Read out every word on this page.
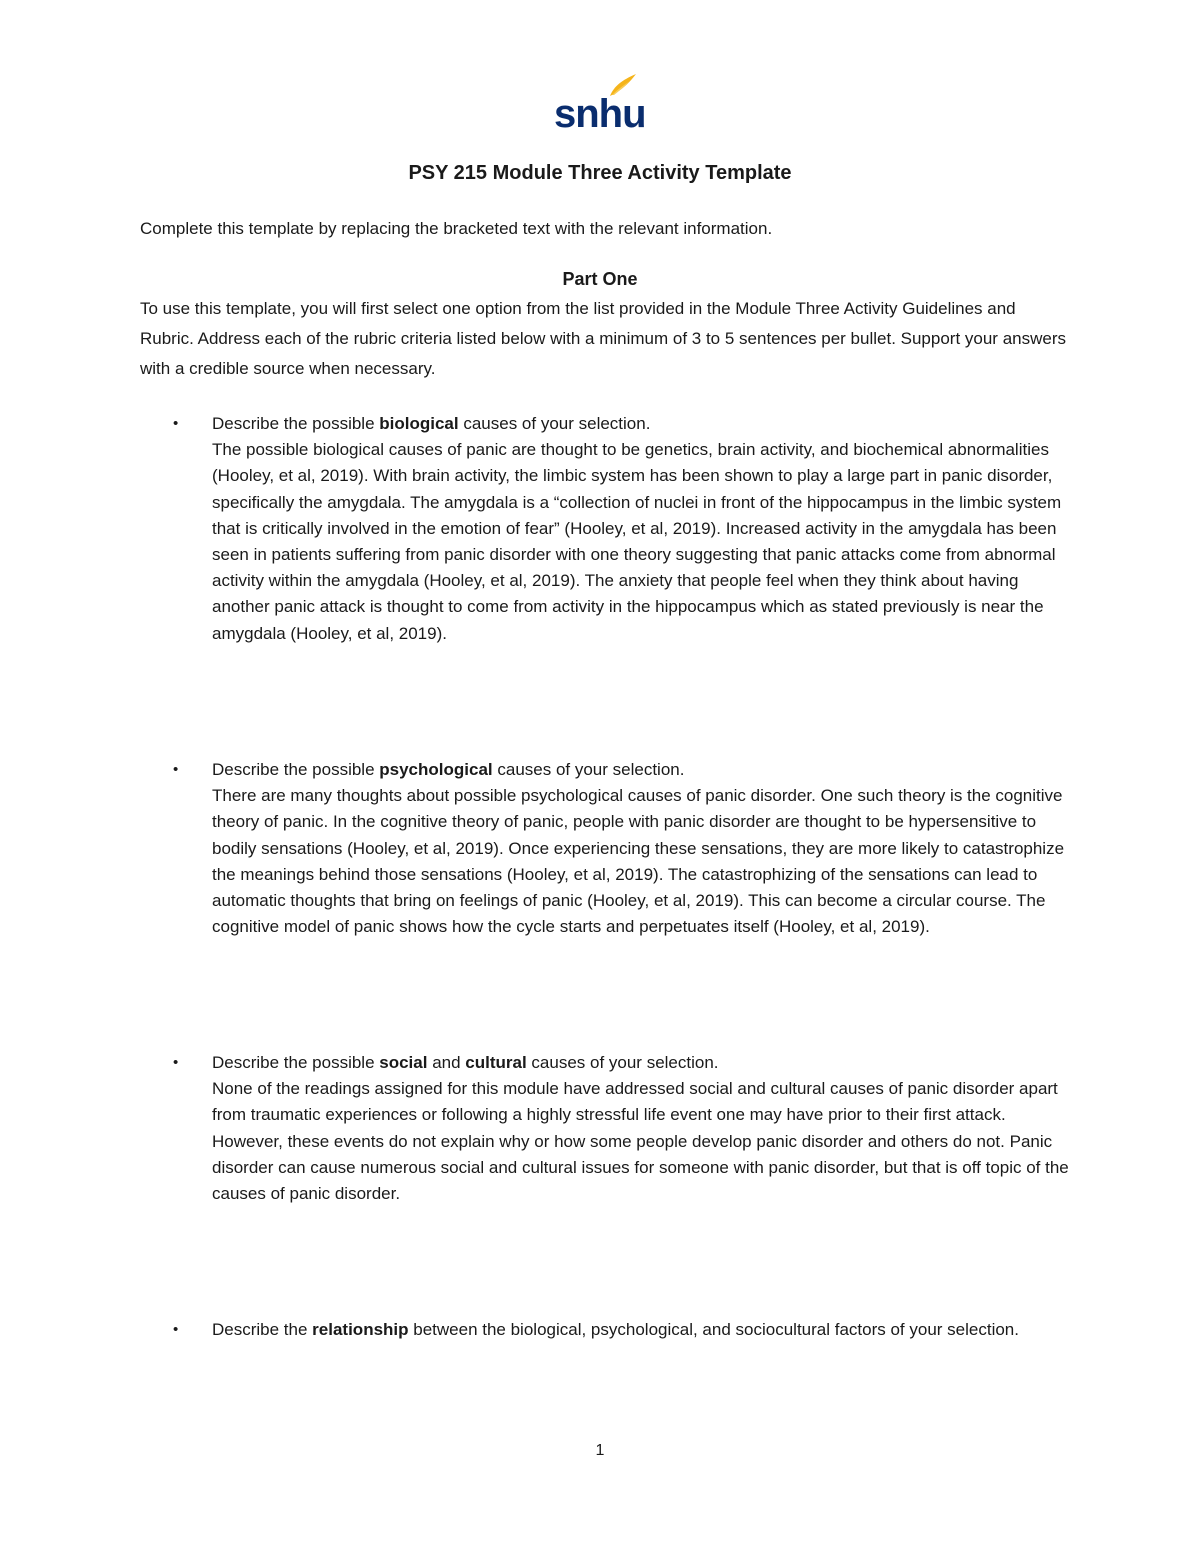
snhu
PSY 215 Module Three Activity Template
Complete this template by replacing the bracketed text with the relevant information.
Part One
To use this template, you will first select one option from the list provided in the Module Three Activity Guidelines and Rubric. Address each of the rubric criteria listed below with a minimum of 3 to 5 sentences per bullet. Support your answers with a credible source when necessary.
• Describe the possible biological causes of your selection.
The possible biological causes of panic are thought to be genetics, brain activity, and biochemical abnormalities (Hooley, et al, 2019). With brain activity, the limbic system has been shown to play a large part in panic disorder, specifically the amygdala. The amygdala is a “collection of nuclei in front of the hippocampus in the limbic system that is critically involved in the emotion of fear” (Hooley, et al, 2019). Increased activity in the amygdala has been seen in patients suffering from panic disorder with one theory suggesting that panic attacks come from abnormal activity within the amygdala (Hooley, et al, 2019). The anxiety that people feel when they think about having another panic attack is thought to come from activity in the hippocampus which as stated previously is near the amygdala (Hooley, et al, 2019).
• Describe the possible psychological causes of your selection.
There are many thoughts about possible psychological causes of panic disorder. One such theory is the cognitive theory of panic. In the cognitive theory of panic, people with panic disorder are thought to be hypersensitive to bodily sensations (Hooley, et al, 2019). Once experiencing these sensations, they are more likely to catastrophize the meanings behind those sensations (Hooley, et al, 2019). The catastrophizing of the sensations can lead to automatic thoughts that bring on feelings of panic (Hooley, et al, 2019). This can become a circular course. The cognitive model of panic shows how the cycle starts and perpetuates itself (Hooley, et al, 2019).
• Describe the possible social and cultural causes of your selection.
None of the readings assigned for this module have addressed social and cultural causes of panic disorder apart from traumatic experiences or following a highly stressful life event one may have prior to their first attack. However, these events do not explain why or how some people develop panic disorder and others do not. Panic disorder can cause numerous social and cultural issues for someone with panic disorder, but that is off topic of the causes of panic disorder.
• Describe the relationship between the biological, psychological, and sociocultural factors of your selection.
1
